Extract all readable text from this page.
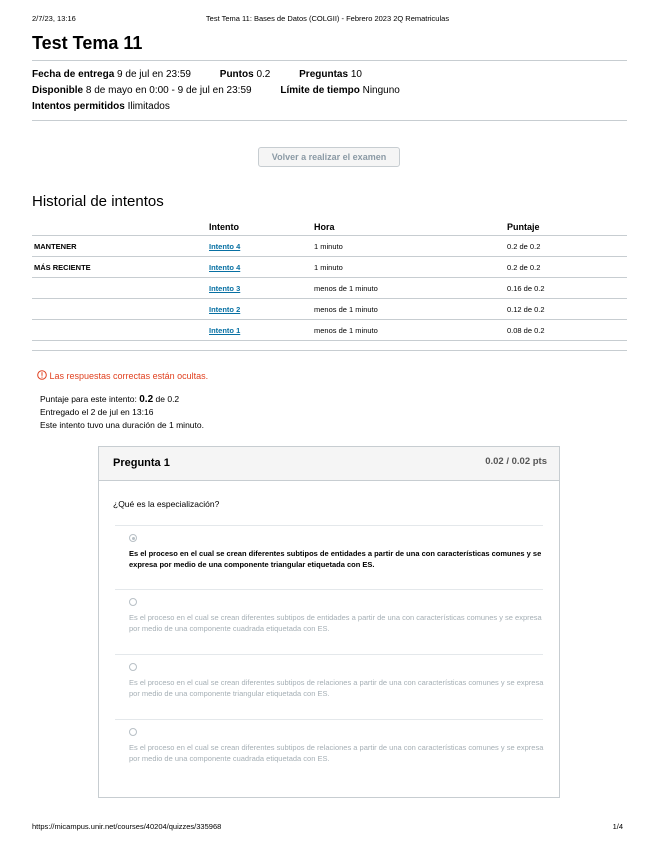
2/7/23, 13:16	Test Tema 11: Bases de Datos (COLGII) - Febrero 2023 2Q Rematriculas
Test Tema 11
Fecha de entrega 9 de jul en 23:59	Puntos 0.2	Preguntas 10
Disponible 8 de mayo en 0:00 - 9 de jul en 23:59	Límite de tiempo Ninguno
Intentos permitidos Ilimitados
Volver a realizar el examen
Historial de intentos
	Intento	Hora	Puntaje
MANTENER	Intento 4	1 minuto	0.2 de 0.2
MÁS RECIENTE	Intento 4	1 minuto	0.2 de 0.2
	Intento 3	menos de 1 minuto	0.16 de 0.2
	Intento 2	menos de 1 minuto	0.12 de 0.2
	Intento 1	menos de 1 minuto	0.08 de 0.2
Las respuestas correctas están ocultas.
Puntaje para este intento: 0.2 de 0.2
Entregado el 2 de jul en 13:16
Este intento tuvo una duración de 1 minuto.
Pregunta 1	0.02 / 0.02 pts
¿Qué es la especialización?
Es el proceso en el cual se crean diferentes subtipos de entidades a partir de una con características comunes y se expresa por medio de una componente triangular etiquetada con ES.
Es el proceso en el cual se crean diferentes subtipos de entidades a partir de una con características comunes y se expresa por medio de una componente cuadrada etiquetada con ES.
Es el proceso en el cual se crean diferentes subtipos de relaciones a partir de una con características comunes y se expresa por medio de una componente triangular etiquetada con ES.
Es el proceso en el cual se crean diferentes subtipos de relaciones a partir de una con características comunes y se expresa por medio de una componente cuadrada etiquetada con ES.
https://micampus.unir.net/courses/40204/quizzes/335968	1/4
